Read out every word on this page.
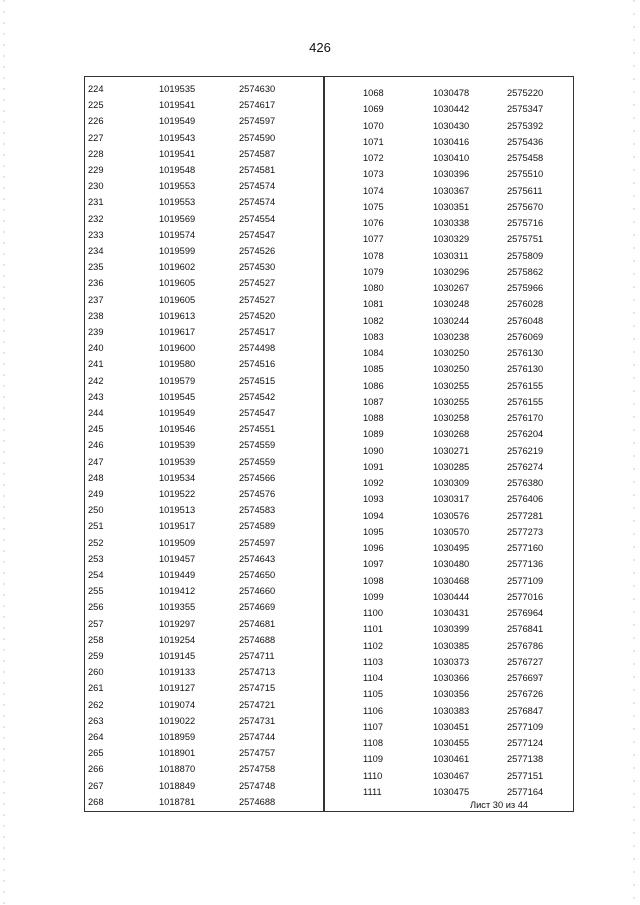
426
224	1019535	2574630
225	1019541	2574617
226	1019549	2574597
227	1019543	2574590
228	1019541	2574587
229	1019548	2574581
230	1019553	2574574
231	1019553	2574574
232	1019569	2574554
233	1019574	2574547
234	1019599	2574526
235	1019602	2574530
236	1019605	2574527
237	1019605	2574527
238	1019613	2574520
239	1019617	2574517
240	1019600	2574498
241	1019580	2574516
242	1019579	2574515
243	1019545	2574542
244	1019549	2574547
245	1019546	2574551
246	1019539	2574559
247	1019539	2574559
248	1019534	2574566
249	1019522	2574576
250	1019513	2574583
251	1019517	2574589
252	1019509	2574597
253	1019457	2574643
254	1019449	2574650
255	1019412	2574660
256	1019355	2574669
257	1019297	2574681
258	1019254	2574688
259	1019145	2574711
260	1019133	2574713
261	1019127	2574715
262	1019074	2574721
263	1019022	2574731
264	1018959	2574744
265	1018901	2574757
266	1018870	2574758
267	1018849	2574748
268	1018781	2574688
1068	1030478	2575220
1069	1030442	2575347
1070	1030430	2575392
1071	1030416	2575436
1072	1030410	2575458
1073	1030396	2575510
1074	1030367	2575611
1075	1030351	2575670
1076	1030338	2575716
1077	1030329	2575751
1078	1030311	2575809
1079	1030296	2575862
1080	1030267	2575966
1081	1030248	2576028
1082	1030244	2576048
1083	1030238	2576069
1084	1030250	2576130
1085	1030250	2576130
1086	1030255	2576155
1087	1030255	2576155
1088	1030258	2576170
1089	1030268	2576204
1090	1030271	2576219
1091	1030285	2576274
1092	1030309	2576380
1093	1030317	2576406
1094	1030576	2577281
1095	1030570	2577273
1096	1030495	2577160
1097	1030480	2577136
1098	1030468	2577109
1099	1030444	2577016
1100	1030431	2576964
1101	1030399	2576841
1102	1030385	2576786
1103	1030373	2576727
1104	1030366	2576697
1105	1030356	2576726
1106	1030383	2576847
1107	1030451	2577109
1108	1030455	2577124
1109	1030461	2577138
1110	1030467	2577151
1111	1030475	2577164
Лист 30 из 44
